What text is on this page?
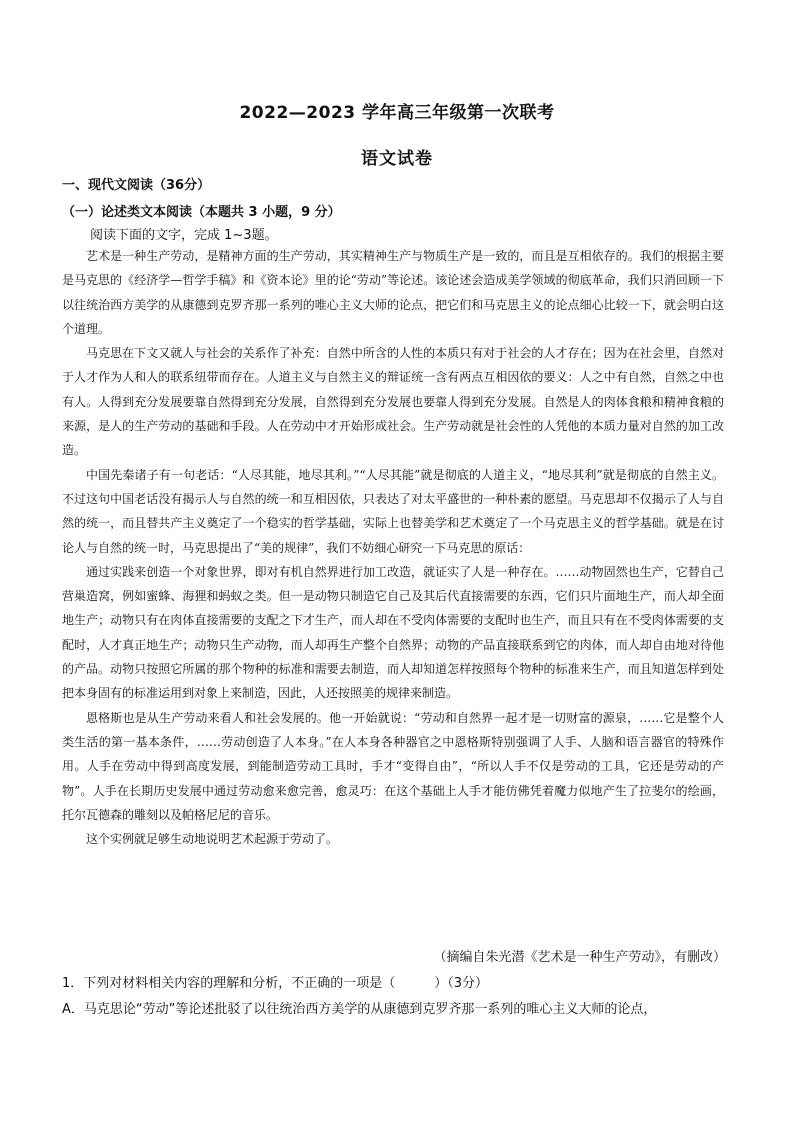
2022—2023 学年高三年级第一次联考
语文试卷
一、现代文阅读（36分）
（一）论述类文本阅读（本题共 3 小题，9 分）
阅读下面的文字，完成 1~3题。

艺术是一种生产劳动，是精神方面的生产劳动，其实精神生产与物质生产是一致的，而且是互相依存的。我们的根据主要是马克思的《经济学—哲学手稿》和《资本论》里的论“劳动”等论述。该论述会造成美学领域的彻底革命，我们只消回顾一下以往统治西方美学的从康德到克罗齐那一系列的唯心主义大师的论点，把它们和马克思主义的论点细心比较一下，就会明白这个道理。

马克思在下文又就人与社会的关系作了补充：自然中所含的人性的本质只有对于社会的人才存在；因为在社会里，自然对于人才作为人和人的联系纽带而存在。人道主义与自然主义的辩证统一含有两点互相因依的要义：人之中有自然，自然之中也有人。人得到充分发展要靠自然得到充分发展，自然得到充分发展也要靠人得到充分发展。自然是人的肉体食粮和精神食粮的来源，是人的生产劳动的基础和手段。人在劳动中才开始形成社会。生产劳动就是社会性的人凭他的本质力量对自然的加工改造。

中国先秦诸子有一句老话：“人尽其能，地尽其利。”“人尽其能”就是彻底的人道主义，“地尽其利”就是彻底的自然主义。不过这句中国老话没有揭示人与自然的统一和互相因依，只表达了对太平盛世的一种朴素的愿望。马克思却不仅揭示了人与自然的统一，而且替共产主义奠定了一个稳实的哲学基础，实际上也替美学和艺术奠定了一个马克思主义的哲学基础。就是在讨论人与自然的统一时，马克思提出了“美的规律”，我们不妨细心研究一下马克思的原话：

通过实践来创造一个对象世界，即对有机自然界进行加工改造，就证实了人是一种存在。……动物固然也生产，它替自己营巢造窝，例如蜜蜂、海狸和蚂蚁之类。但一是动物只制造它自己及其后代直接需要的东西，它们只片面地生产，而人却全面地生产；动物只有在肉体直接需要的支配之下才生产，而人却在不受肉体需要的支配时也生产，而且只有在不受肉体需要的支配时，人才真正地生产；动物只生产动物，而人却再生产整个自然界；动物的产品直接联系到它的肉体，而人却自由地对待他的产品。动物只按照它所属的那个物种的标准和需要去制造，而人却知道怎样按照每个物种的标准来生产，而且知道怎样到处把本身固有的标准运用到对象上来制造，因此，人还按照美的规律来制造。

恩格斯也是从生产劳动来看人和社会发展的。他一开始就说：“劳动和自然界一起才是一切财富的源泉，……它是整个人类生活的第一基本条件，……劳动创造了人本身。”在人本身各种器官之中恩格斯特别强调了人手、人脑和语言器官的特殊作用。人手在劳动中得到高度发展，到能制造劳动工具时，手才“变得自由”，“所以人手不仅是劳动的工具，它还是劳动的产物”。人手在长期历史发展中通过劳动愈来愈完善，愈灵巧：在这个基础上人手才能仿佛凭着魔力似地产生了拉斐尔的绘画，托尔瓦德森的雕刻以及帕格尼尼的音乐。

这个实例就足够生动地说明艺术起源于劳动了。

（摘编自朱光潜《艺术是一种生产劳动》，有删改）
1．下列对材料相关内容的理解和分析，不正确的一项是（　　　）（3分）
A．马克思论“劳动”等论述批驳了以往统治西方美学的从康德到克罗齐那一系列的唯心主义大师的论点，
